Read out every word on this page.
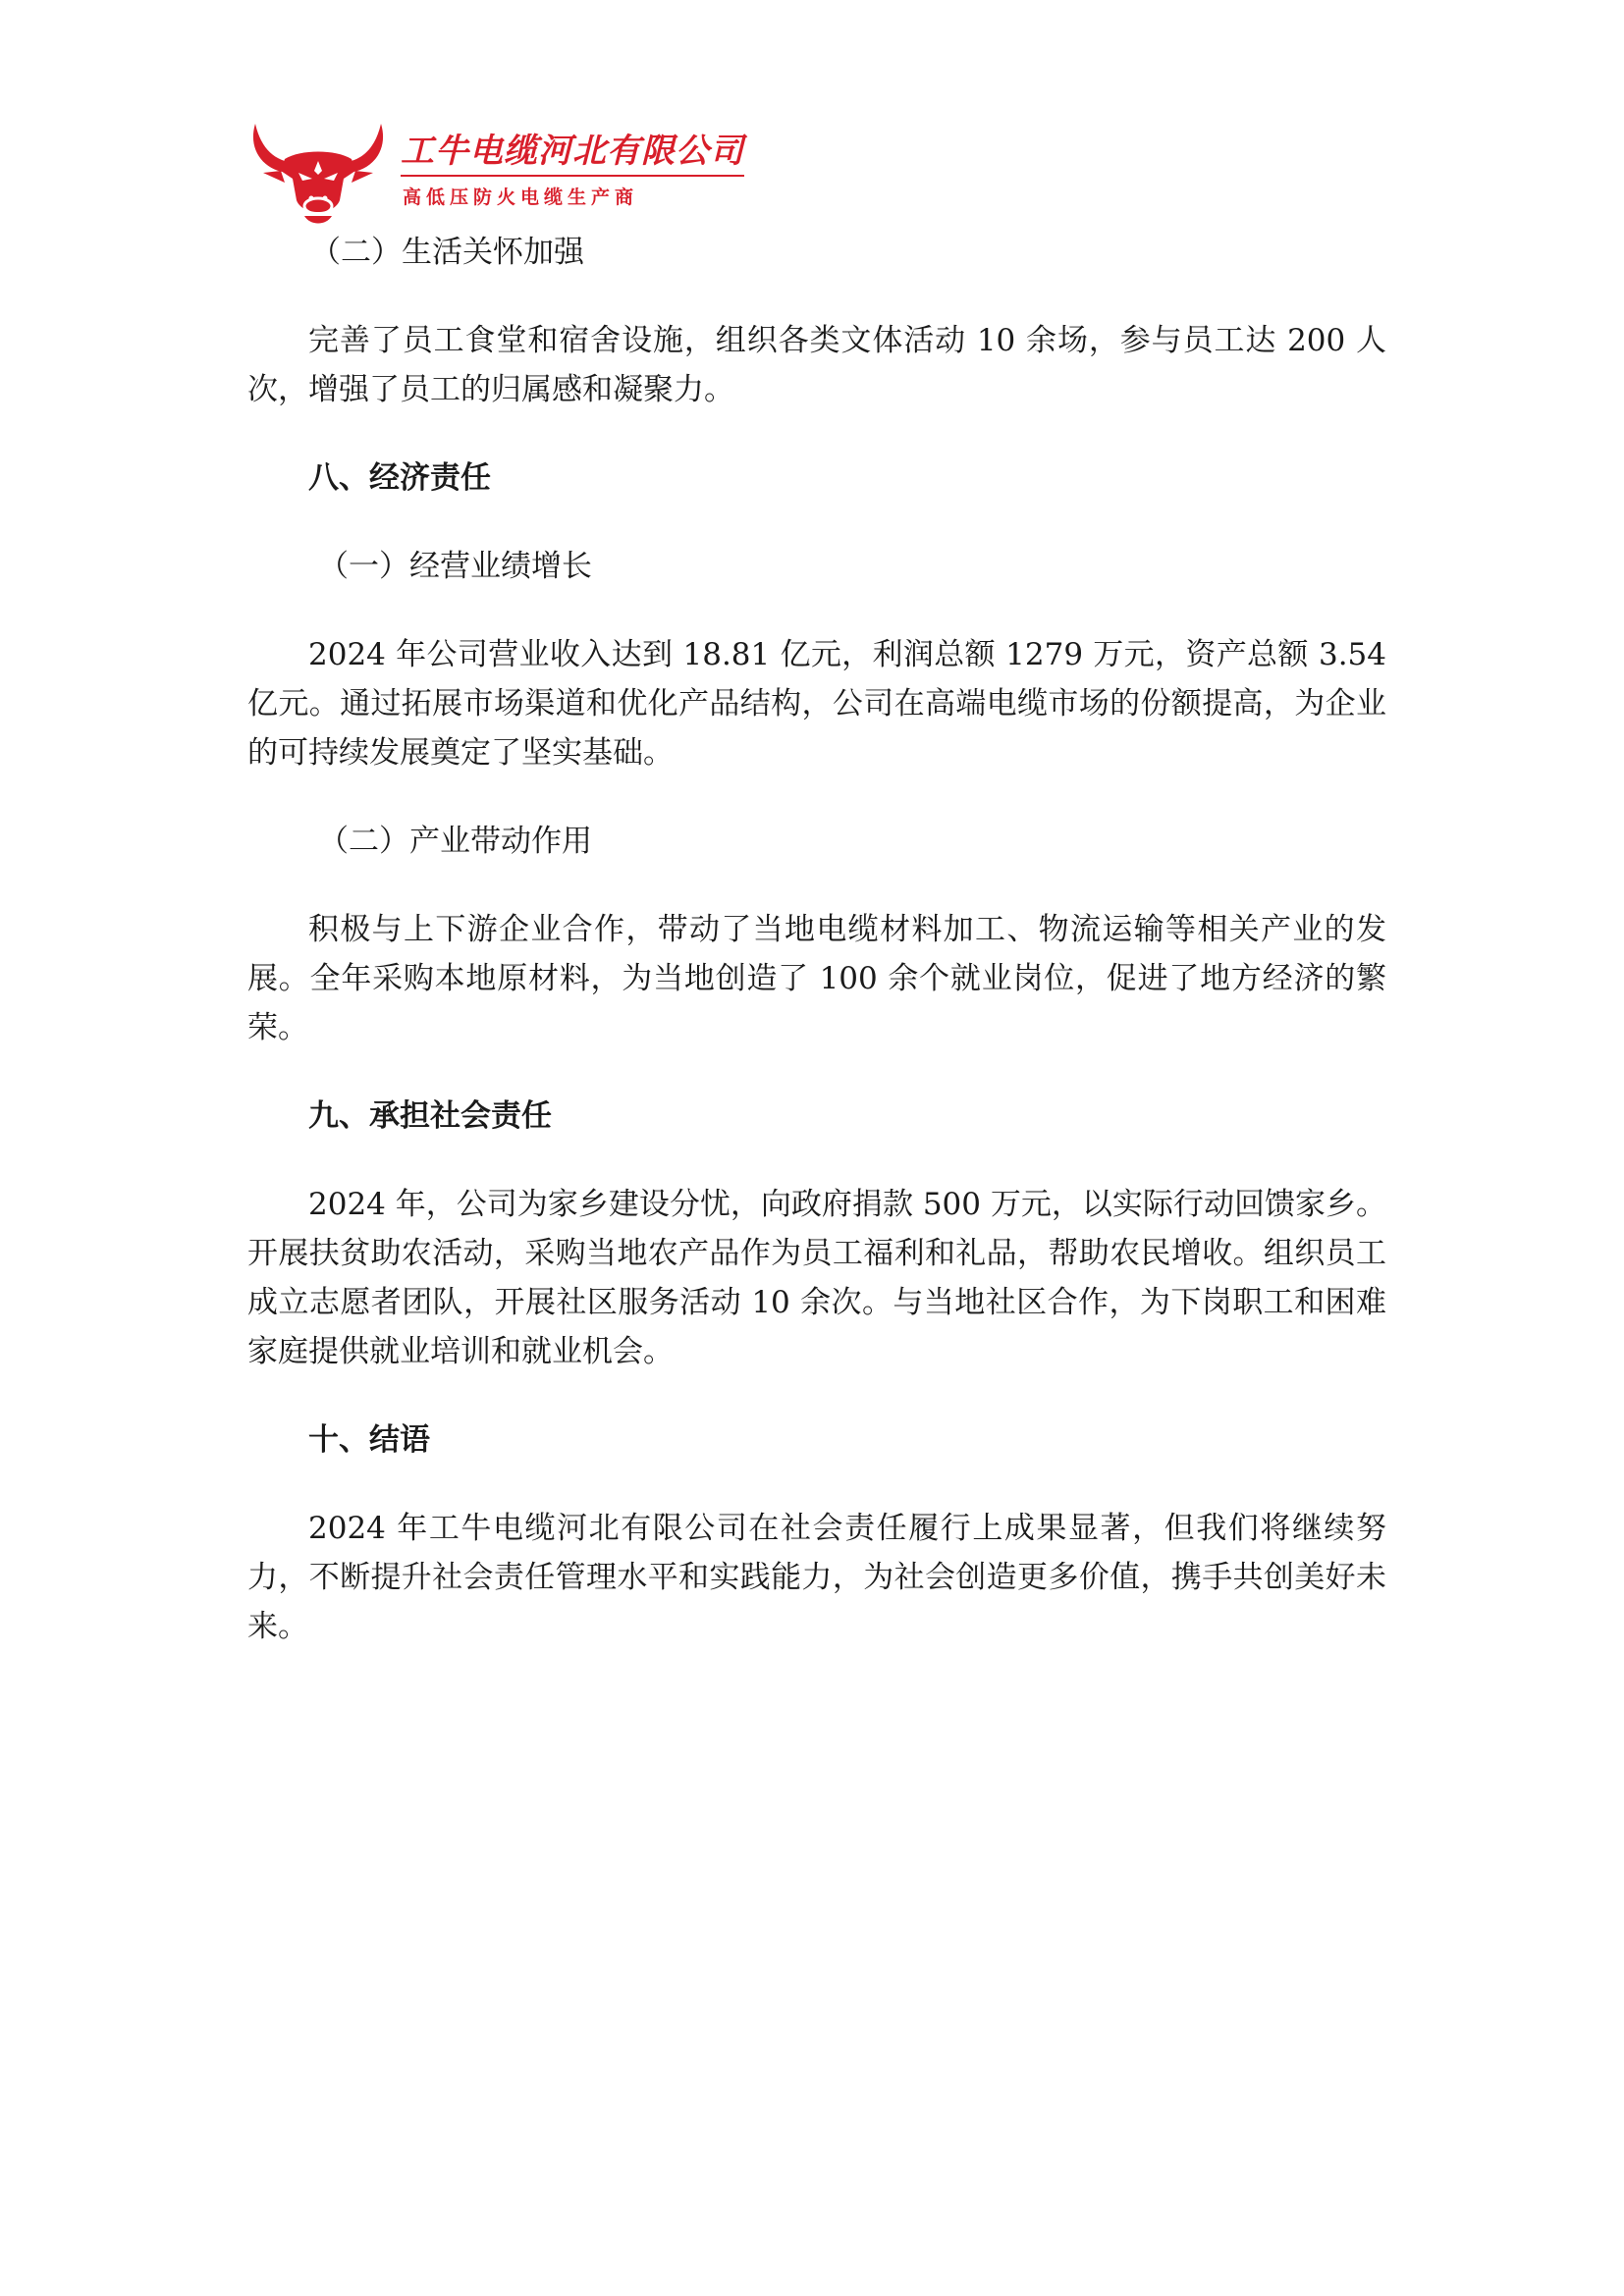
工牛电缆河北有限公司
高低压防火电缆生产商

（二）生活关怀加强

完善了员工食堂和宿舍设施，组织各类文体活动 10 余场，参与员工达 200 人次，增强了员工的归属感和凝聚力。

八、经济责任

（一）经营业绩增长

2024 年公司营业收入达到 18.81 亿元，利润总额 1279 万元，资产总额 3.54 亿元。通过拓展市场渠道和优化产品结构，公司在高端电缆市场的份额提高，为企业的可持续发展奠定了坚实基础。

（二）产业带动作用

积极与上下游企业合作，带动了当地电缆材料加工、物流运输等相关产业的发展。全年采购本地原材料，为当地创造了 100 余个就业岗位，促进了地方经济的繁荣。

九、承担社会责任

2024 年，公司为家乡建设分忧，向政府捐款 500 万元，以实际行动回馈家乡。开展扶贫助农活动，采购当地农产品作为员工福利和礼品，帮助农民增收。组织员工成立志愿者团队，开展社区服务活动 10 余次。与当地社区合作，为下岗职工和困难家庭提供就业培训和就业机会。

十、结语

2024 年工牛电缆河北有限公司在社会责任履行上成果显著，但我们将继续努力，不断提升社会责任管理水平和实践能力，为社会创造更多价值，携手共创美好未来。
